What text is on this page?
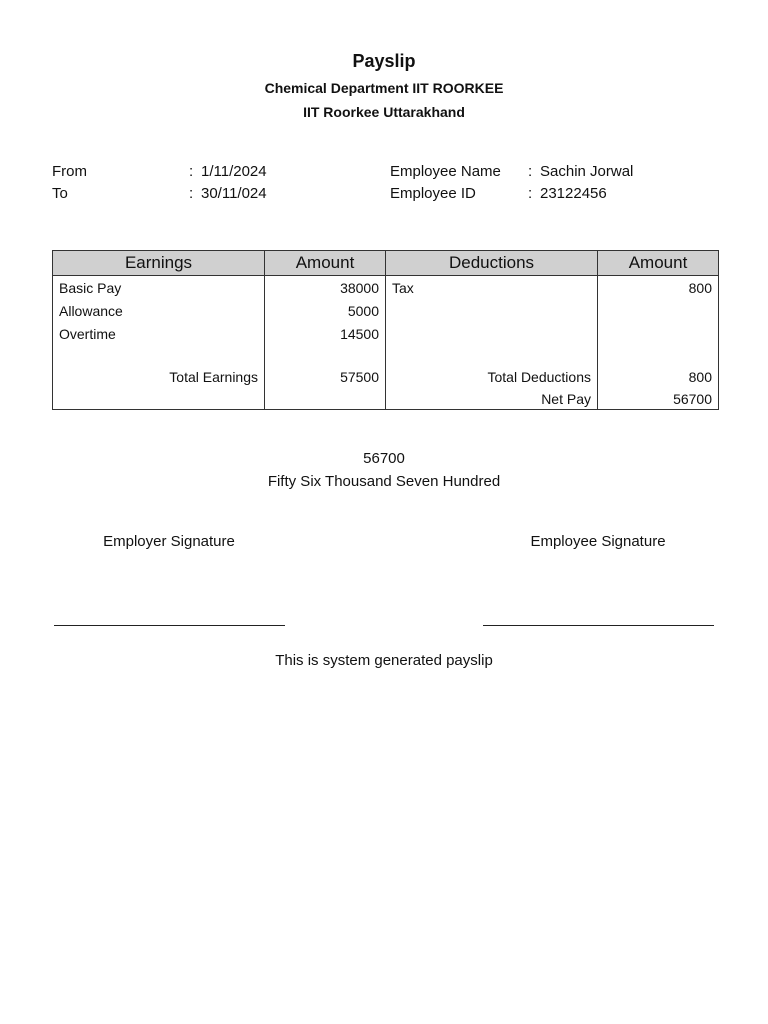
Payslip
Chemical Department IIT ROORKEE
IIT Roorkee Uttarakhand
From	: 1/11/2024
To	: 30/11/024
Employee Name : Sachin Jorwal
Employee ID	: 23122456
Earnings	Amount	Deductions	Amount
Basic Pay	38000	Tax	800
Allowance	5000		
Overtime	14500		

Total Earnings	57500	Total Deductions	800
		Net Pay	56700
56700
Fifty Six Thousand Seven Hundred
Employer Signature	Employee Signature
This is system generated payslip
